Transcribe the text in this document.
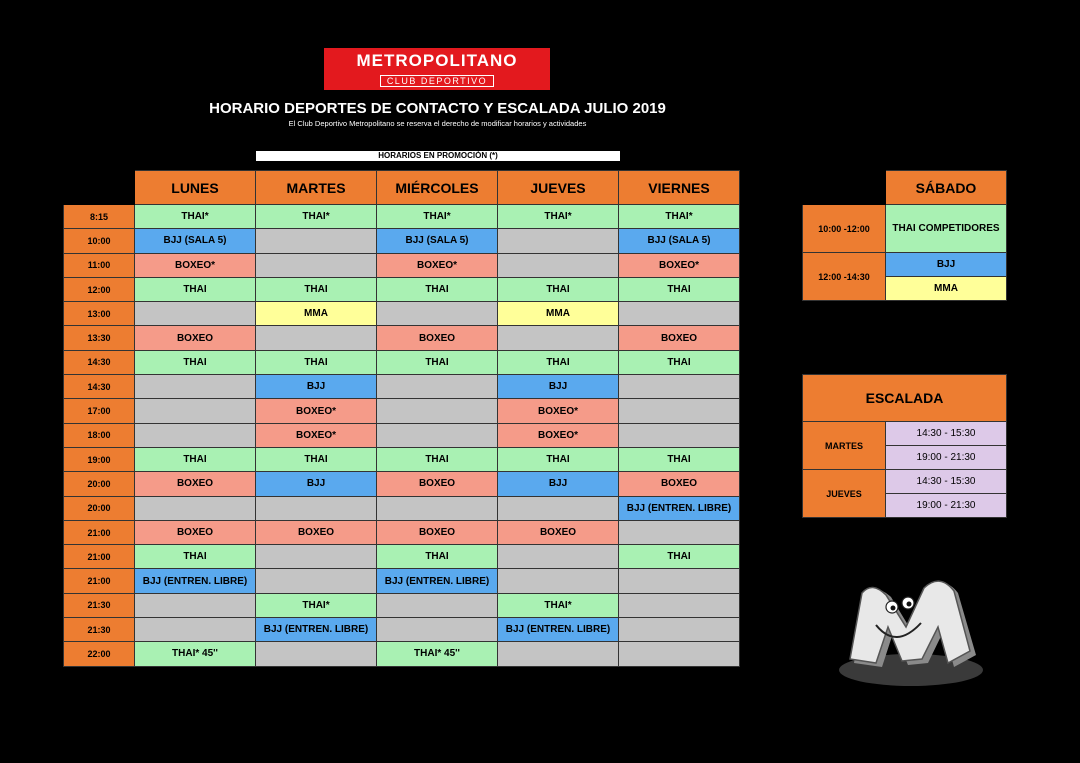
METROPOLITANO
CLUB DEPORTIVO
HORARIO DEPORTES DE CONTACTO Y ESCALADA JULIO 2019
El Club Deportivo Metropolitano se reserva el derecho de modificar horarios y actividades
HORARIOS EN PROMOCIÓN (*)
	LUNES	MARTES	MIÉRCOLES	JUEVES	VIERNES
8:15	THAI*	THAI*	THAI*	THAI*	THAI*
10:00	BJJ (SALA 5)		BJJ (SALA 5)		BJJ (SALA 5)
11:00	BOXEO*		BOXEO*		BOXEO*
12:00	THAI	THAI	THAI	THAI	THAI
13:00		MMA		MMA	
13:30	BOXEO		BOXEO		BOXEO
14:30	THAI	THAI	THAI	THAI	THAI
14:30		BJJ		BJJ	
17:00		BOXEO*		BOXEO*	
18:00		BOXEO*		BOXEO*	
19:00	THAI	THAI	THAI	THAI	THAI
20:00	BOXEO	BJJ	BOXEO	BJJ	BOXEO
20:00					BJJ (ENTREN. LIBRE)
21:00	BOXEO	BOXEO	BOXEO	BOXEO	
21:00	THAI		THAI		THAI
21:00	BJJ (ENTREN. LIBRE)		BJJ (ENTREN. LIBRE)		
21:30		THAI*		THAI*	
21:30		BJJ (ENTREN. LIBRE)		BJJ (ENTREN. LIBRE)	
22:00	THAI* 45''		THAI* 45''		
	SÁBADO
10:00 -12:00	THAI COMPETIDORES
12:00 -14:30	BJJ
	MMA
ESCALADA	
MARTES	14:30 - 15:30
	19:00 - 21:30
JUEVES	14:30 - 15:30
	19:00 - 21:30
